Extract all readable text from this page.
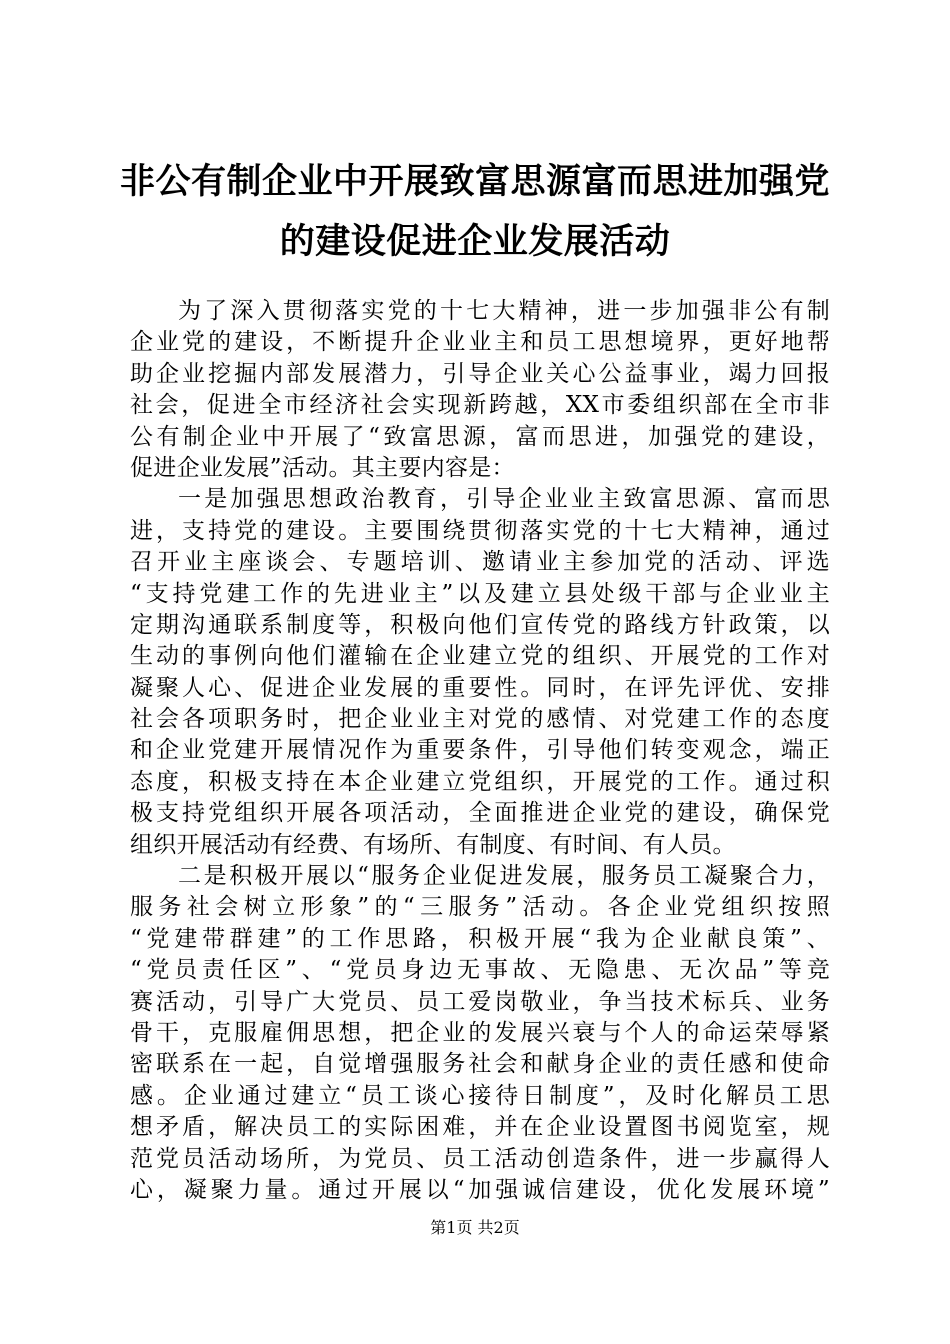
非公有制企业中开展致富思源富而思进加强党
的建设促进企业发展活动
为了深入贯彻落实党的十七大精神，进一步加强非公有制
企业党的建设，不断提升企业业主和员工思想境界，更好地帮
助企业挖掘内部发展潜力，引导企业关心公益事业，竭力回报
社会，促进全市经济社会实现新跨越，XX市委组织部在全市非
公有制企业中开展了“致富思源，富而思进，加强党的建设，
促进企业发展”活动。其主要内容是：
一是加强思想政治教育，引导企业业主致富思源、富而思
进，支持党的建设。主要围绕贯彻落实党的十七大精神，通过
召开业主座谈会、专题培训、邀请业主参加党的活动、评选
“支持党建工作的先进业主”以及建立县处级干部与企业业主
定期沟通联系制度等，积极向他们宣传党的路线方针政策，以
生动的事例向他们灌输在企业建立党的组织、开展党的工作对
凝聚人心、促进企业发展的重要性。同时，在评先评优、安排
社会各项职务时，把企业业主对党的感情、对党建工作的态度
和企业党建开展情况作为重要条件，引导他们转变观念，端正
态度，积极支持在本企业建立党组织，开展党的工作。通过积
极支持党组织开展各项活动，全面推进企业党的建设，确保党
组织开展活动有经费、有场所、有制度、有时间、有人员。
二是积极开展以“服务企业促进发展，服务员工凝聚合力，
服务社会树立形象”的“三服务”活动。各企业党组织按照
“党建带群建”的工作思路，积极开展“我为企业献良策”、
“党员责任区”、“党员身边无事故、无隐患、无次品”等竞
赛活动，引导广大党员、员工爱岗敬业，争当技术标兵、业务
骨干，克服雇佣思想，把企业的发展兴衰与个人的命运荣辱紧
密联系在一起，自觉增强服务社会和献身企业的责任感和使命
感。企业通过建立“员工谈心接待日制度”，及时化解员工思
想矛盾，解决员工的实际困难，并在企业设置图书阅览室，规
范党员活动场所，为党员、员工活动创造条件，进一步赢得人
心，凝聚力量。通过开展以“加强诚信建设，优化发展环境”
第1页 共2页
